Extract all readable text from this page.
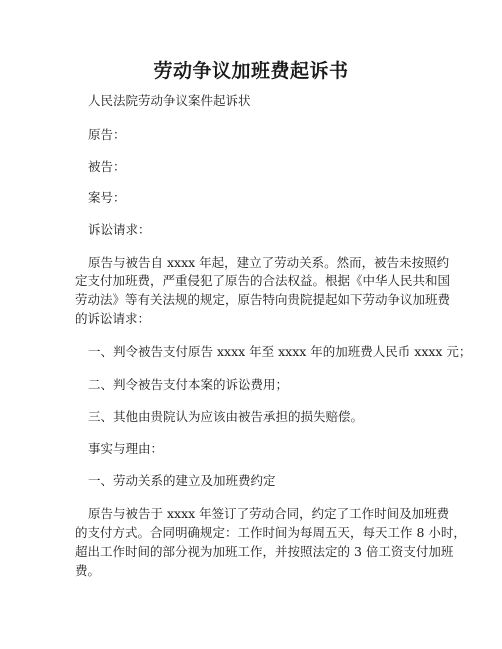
劳动争议加班费起诉书
人民法院劳动争议案件起诉状
原告：
被告：
案号：
诉讼请求：
原告与被告自 xxxx 年起，建立了劳动关系。然而，被告未按照约
定支付加班费，严重侵犯了原告的合法权益。根据《中华人民共和国
劳动法》等有关法规的规定，原告特向贵院提起如下劳动争议加班费
的诉讼请求：
一、判令被告支付原告 xxxx 年至 xxxx 年的加班费人民币 xxxx 元；
二、判令被告支付本案的诉讼费用；
三、其他由贵院认为应该由被告承担的损失赔偿。
事实与理由：
一、劳动关系的建立及加班费约定
原告与被告于 xxxx 年签订了劳动合同，约定了工作时间及加班费
的支付方式。合同明确规定：工作时间为每周五天，每天工作 8 小时，
超出工作时间的部分视为加班工作，并按照法定的 3 倍工资支付加班
费。
